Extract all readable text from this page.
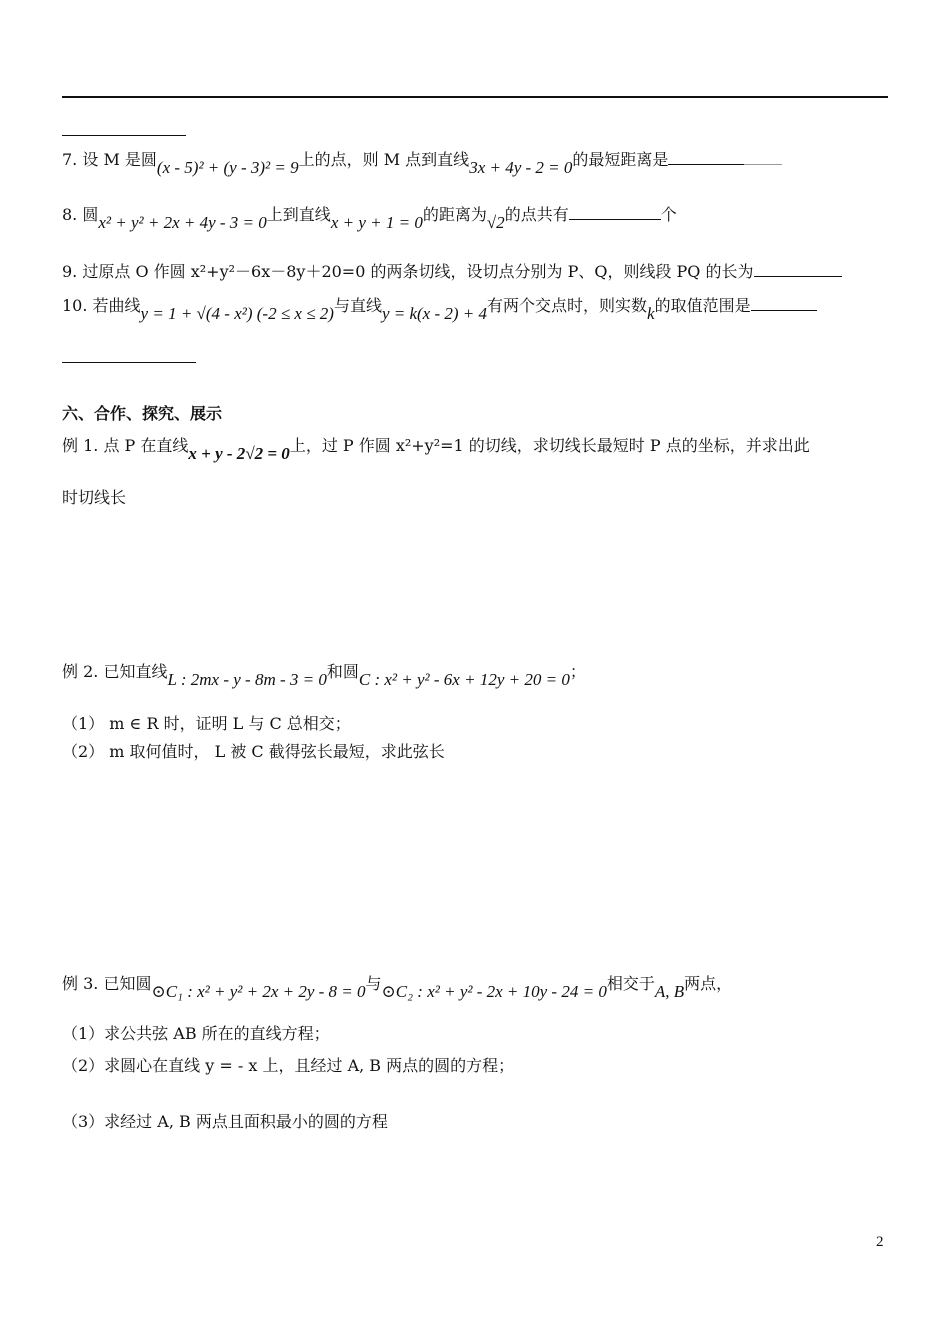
7. 设 M 是圆(x - 5)² + (y - 3)² = 9上的点，则 M 点到直线3x + 4y - 2 = 0的最短距离是
8. 圆x² + y² + 2x + 4y - 3 = 0上到直线x + y + 1 = 0的距离为√2的点共有	个
9. 过原点 O 作圆 x²+y²－6x－8y＋20=0 的两条切线，设切点分别为 P、Q，则线段 PQ 的长为
10. 若曲线y = 1 + √(4 - x²) (-2 ≤ x ≤ 2)与直线y = k(x - 2) + 4有两个交点时，则实数k的取值范围是
六、合作、探究、展示
例 1. 点 P 在直线x + y - 2√2 = 0上，过 P 作圆 x²+y²=1 的切线，求切线长最短时 P 点的坐标，并求出此
时切线长
例 2. 已知直线L : 2mx - y - 8m - 3 = 0和圆C : x² + y² - 6x + 12y + 20 = 0；
（1） m ∈ R 时，证明 L 与 C 总相交；
（2） m 取何值时， L 被 C 截得弦长最短，求此弦长
例 3. 已知圆⊙C₁ : x² + y² + 2x + 2y - 8 = 0与⊙C₂ : x² + y² - 2x + 10y - 24 = 0相交于A, B两点，
（1）求公共弦 AB 所在的直线方程；
（2）求圆心在直线 y = - x 上，且经过 A, B 两点的圆的方程；
（3）求经过 A, B 两点且面积最小的圆的方程
2
